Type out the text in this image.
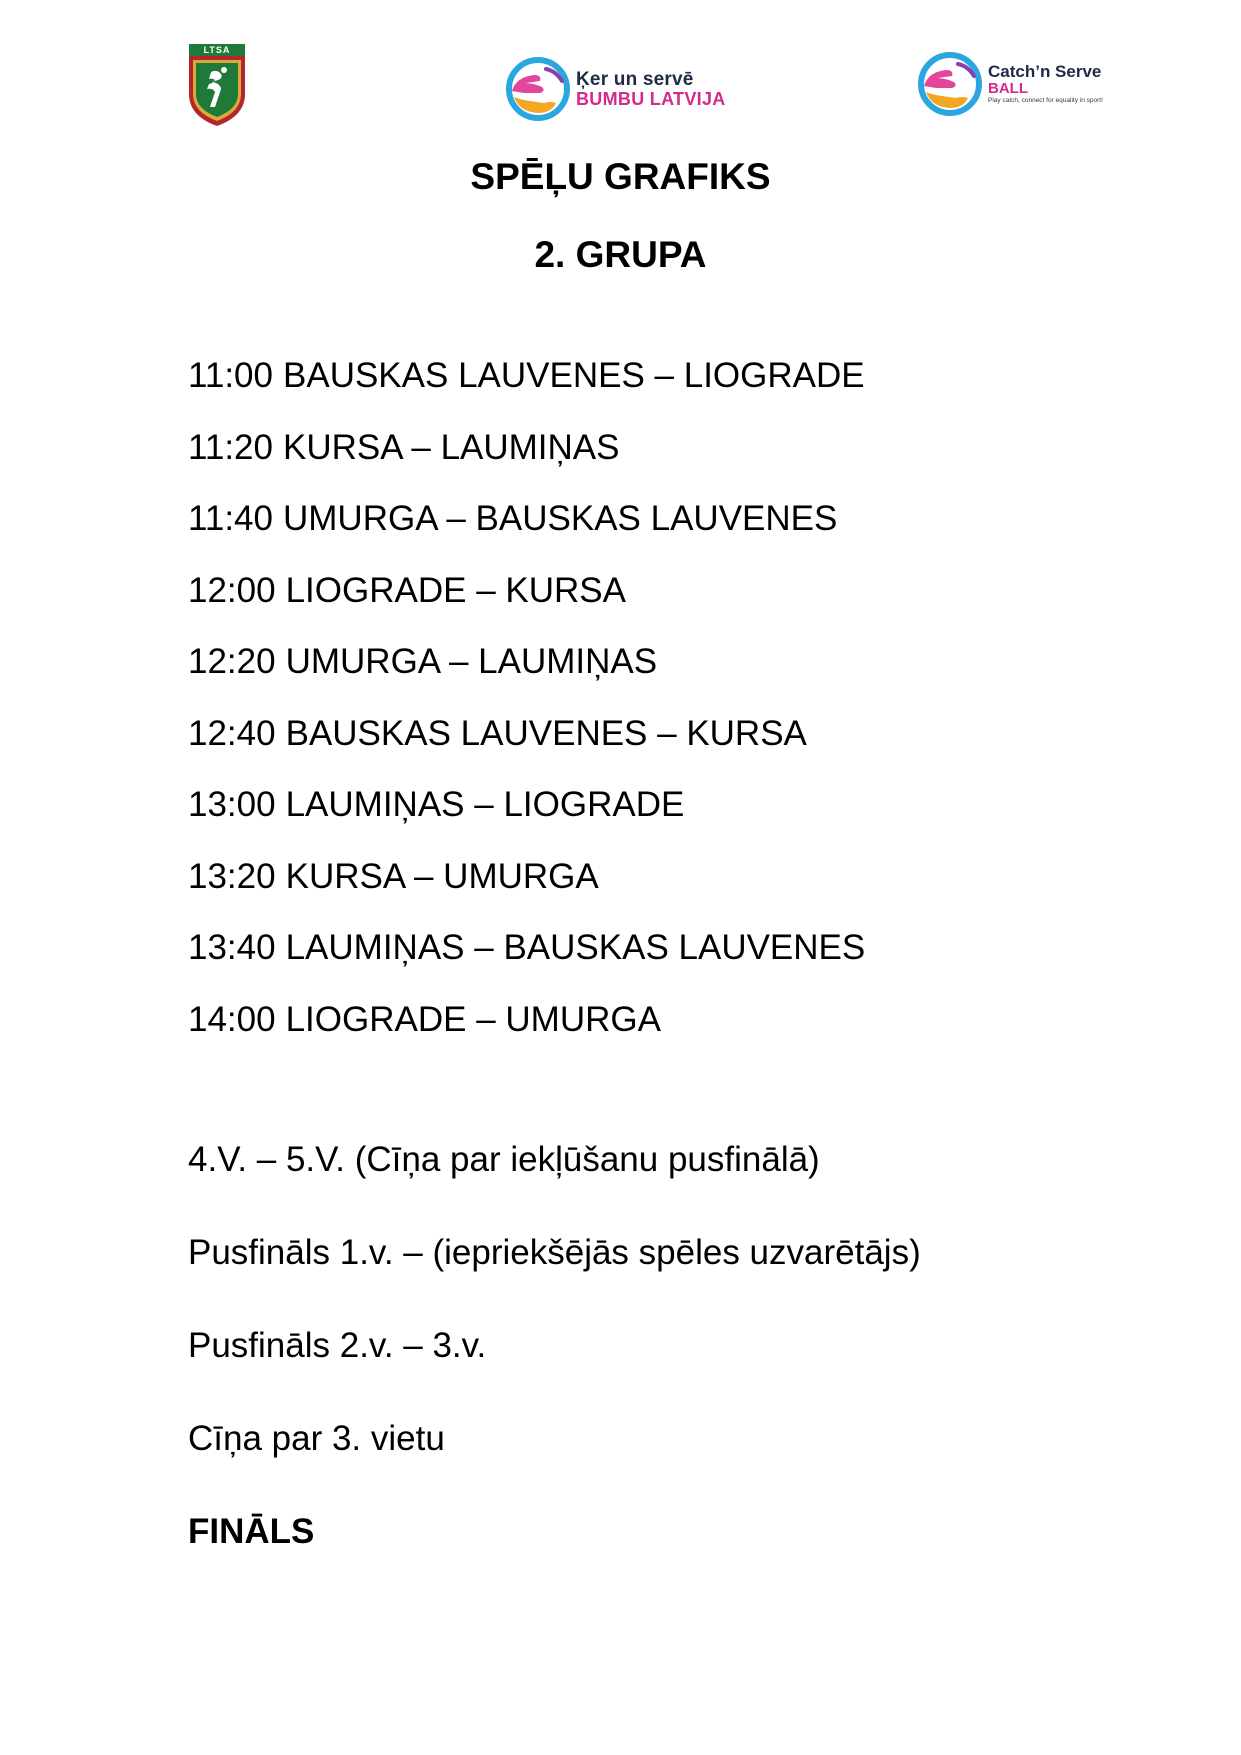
LTSA
Ķer un servē
BUMBU LATVIJA
Catch’n Serve
BALL
Play catch, connect for equality in sport!
SPĒĻU GRAFIKS
2. GRUPA
11:00 BAUSKAS LAUVENES – LIOGRADE
11:20 KURSA – LAUMIŅAS
11:40 UMURGA – BAUSKAS LAUVENES
12:00 LIOGRADE – KURSA
12:20 UMURGA – LAUMIŅAS
12:40 BAUSKAS LAUVENES – KURSA
13:00 LAUMIŅAS – LIOGRADE
13:20 KURSA – UMURGA
13:40 LAUMIŅAS – BAUSKAS LAUVENES
14:00 LIOGRADE – UMURGA
4.V. – 5.V. (Cīņa par iekļūšanu pusfinālā)
Pusfināls 1.v. – (iepriekšējās spēles uzvarētājs)
Pusfināls 2.v. – 3.v.
Cīņa par 3. vietu

FINĀLS
